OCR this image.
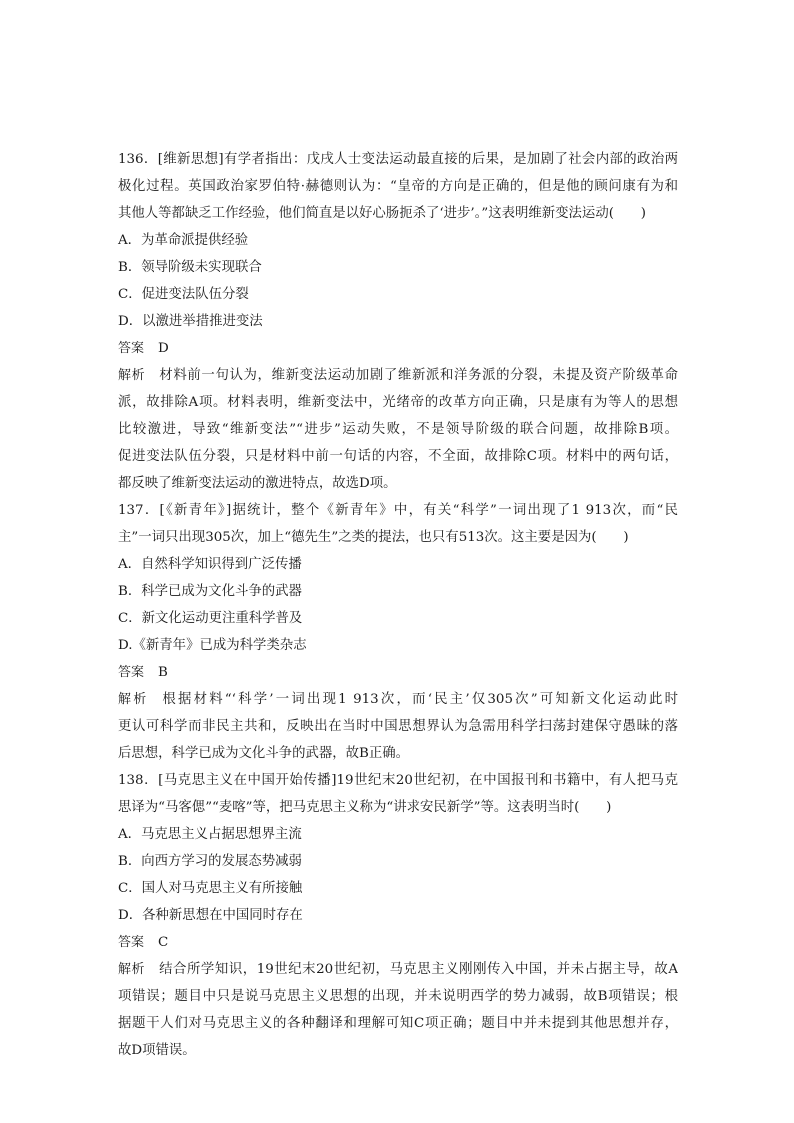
136．[维新思想]有学者指出：戊戌人士变法运动最直接的后果，是加剧了社会内部的政治两
极化过程。英国政治家罗伯特·赫德则认为：“皇帝的方向是正确的，但是他的顾问康有为和
其他人等都缺乏工作经验，他们简直是以好心肠扼杀了‘进步’。”这表明维新变法运动(　　)
A．为革命派提供经验
B．领导阶级未实现联合
C．促进变法队伍分裂
D．以激进举措推进变法
答案 D
解析 材料前一句认为，维新变法运动加剧了维新派和洋务派的分裂，未提及资产阶级革命
派，故排除A项。材料表明，维新变法中，光绪帝的改革方向正确，只是康有为等人的思想
比较激进，导致“维新变法”“进步”运动失败，不是领导阶级的联合问题，故排除B项。
促进变法队伍分裂，只是材料中前一句话的内容，不全面，故排除C项。材料中的两句话，
都反映了维新变法运动的激进特点，故选D项。
137．[《新青年》]据统计，整个《新青年》中，有关“科学”一词出现了1 913次，而“民
主”一词只出现305次，加上“德先生”之类的提法，也只有513次。这主要是因为(　　)
A．自然科学知识得到广泛传播
B．科学已成为文化斗争的武器
C．新文化运动更注重科学普及
D.《新青年》已成为科学类杂志
答案 B
解析 根据材料“‘科学’一词出现1 913次，而‘民主’仅305次”可知新文化运动此时
更认可科学而非民主共和，反映出在当时中国思想界认为急需用科学扫荡封建保守愚昧的落
后思想，科学已成为文化斗争的武器，故B正确。
138．[马克思主义在中国开始传播]19世纪末20世纪初，在中国报刊和书籍中，有人把马克
思译为“马客偲”“麦喀”等，把马克思主义称为“讲求安民新学”等。这表明当时(　　)
A．马克思主义占据思想界主流
B．向西方学习的发展态势减弱
C．国人对马克思主义有所接触
D．各种新思想在中国同时存在
答案 C
解析 结合所学知识，19世纪末20世纪初，马克思主义刚刚传入中国，并未占据主导，故A
项错误；题目中只是说马克思主义思想的出现，并未说明西学的势力减弱，故B项错误；根
据题干人们对马克思主义的各种翻译和理解可知C项正确；题目中并未提到其他思想并存，
故D项错误。
